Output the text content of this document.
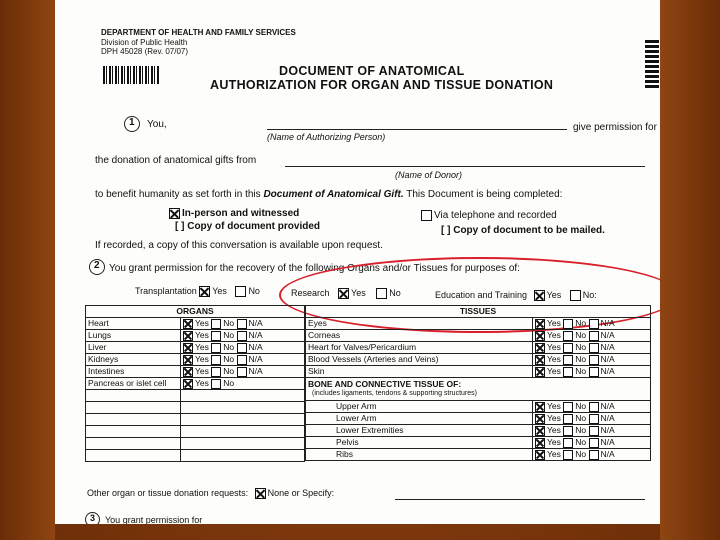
DEPARTMENT OF HEALTH AND FAMILY SERVICES
Division of Public Health
DPH 45028 (Rev. 07/07)
DOCUMENT OF ANATOMICAL
AUTHORIZATION FOR ORGAN AND TISSUE DONATION
1 You,
(Name of Authorizing Person)
give permission for
the donation of anatomical gifts from
(Name of Donor)
to benefit humanity as set forth in this Document of Anatomical Gift. This Document is being completed:
In-person and witnessed
[ ] Copy of document provided
Via telephone and recorded
[ ] Copy of document to be mailed.
If recorded, a copy of this conversation is available upon request.
2 You grant permission for the recovery of the following Organs and/or Tissues for purposes of:
Transplantation Yes No	Research Yes	No	Education and Training Yes No:
ORGANS	
Heart	Yes No N/A
Lungs	Yes No N/A
Liver	Yes No N/A
Kidneys	Yes No N/A
Intestines	Yes No N/A
Pancreas or islet cell	Yes No

TISSUES	
Eyes	Yes No N/A
Corneas	Yes No N/A
Heart for Valves/Pericardium	Yes No N/A
Blood Vessels (Arteries and Veins)	Yes No N/A
Skin	Yes No N/A

BONE AND CONNECTIVE TISSUE OF:
(includes ligaments, tendons & supporting structures)	

Upper Arm	Yes No N/A
Lower Arm	Yes No N/A
Lower Extremities	Yes No N/A
Pelvis	Yes No N/A
Ribs	Yes No N/A
Other organ or tissue donation requests: None or Specify:
3 You grant permission for
